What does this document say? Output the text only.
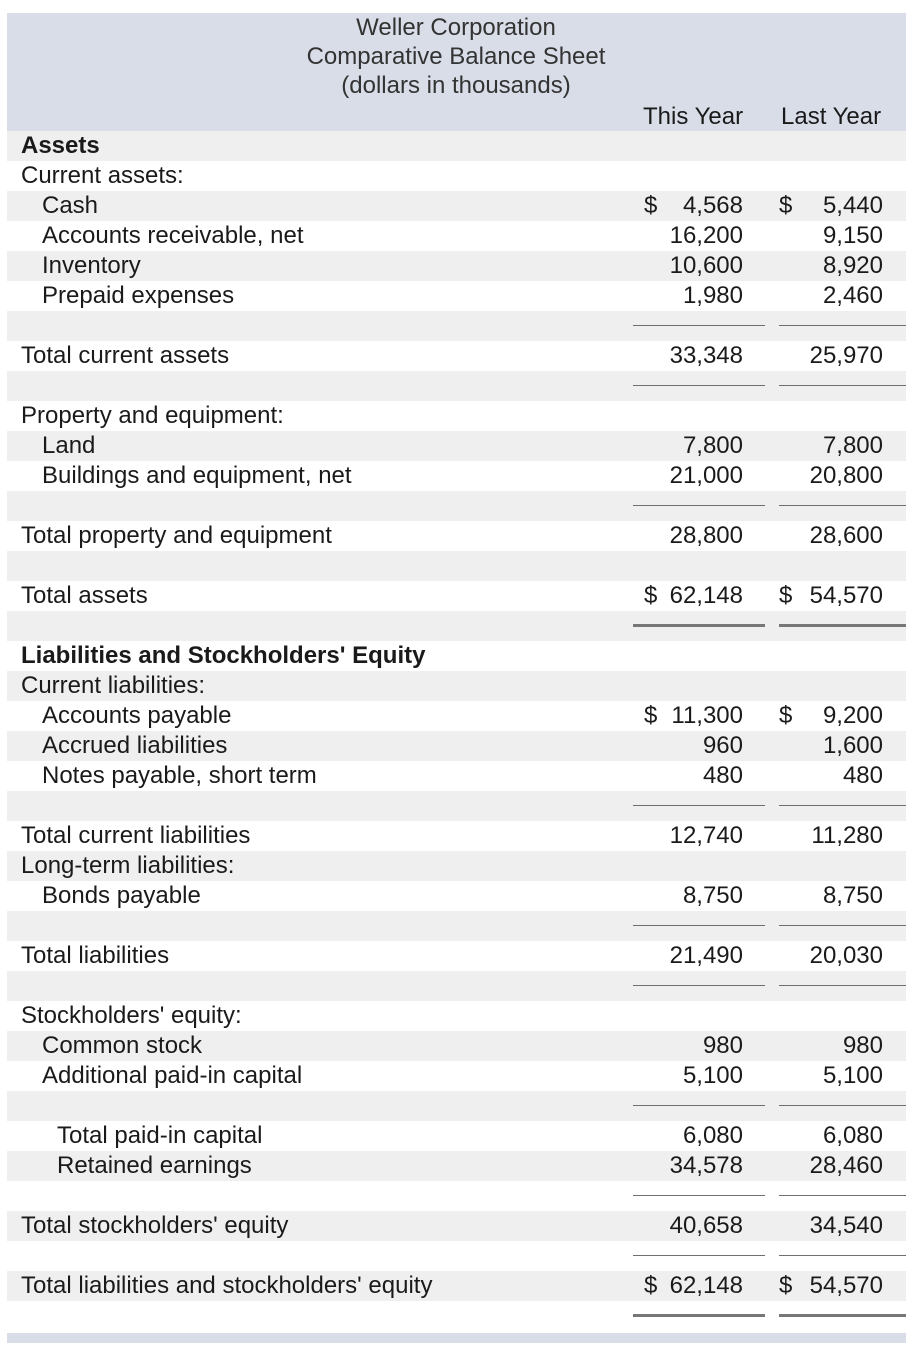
Weller Corporation
Comparative Balance Sheet
(dollars in thousands)
This Year Last Year
Assets
Current assets:
Cash	$ 4,568 $ 5,440
Accounts receivable, net	16,200	9,150
Inventory	10,600	8,920
Prepaid expenses	1,980	2,460
Total current assets	33,348	25,970
Property and equipment:
Land	7,800	7,800
Buildings and equipment, net	21,000	20,800
Total property and equipment	28,800	28,600
Total assets	$ 62,148 $ 54,570
Liabilities and Stockholders' Equity
Current liabilities:
Accounts payable	$ 11,300 $ 9,200
Accrued liabilities	960	1,600
Notes payable, short term	480	480
Total current liabilities	12,740	11,280
Long-term liabilities:
Bonds payable	8,750	8,750
Total liabilities	21,490	20,030
Stockholders' equity:
Common stock	980	980
Additional paid-in capital	5,100	5,100
Total paid-in capital	6,080	6,080
Retained earnings	34,578	28,460
Total stockholders' equity	40,658	34,540
Total liabilities and stockholders' equity	$ 62,148 $ 54,570
